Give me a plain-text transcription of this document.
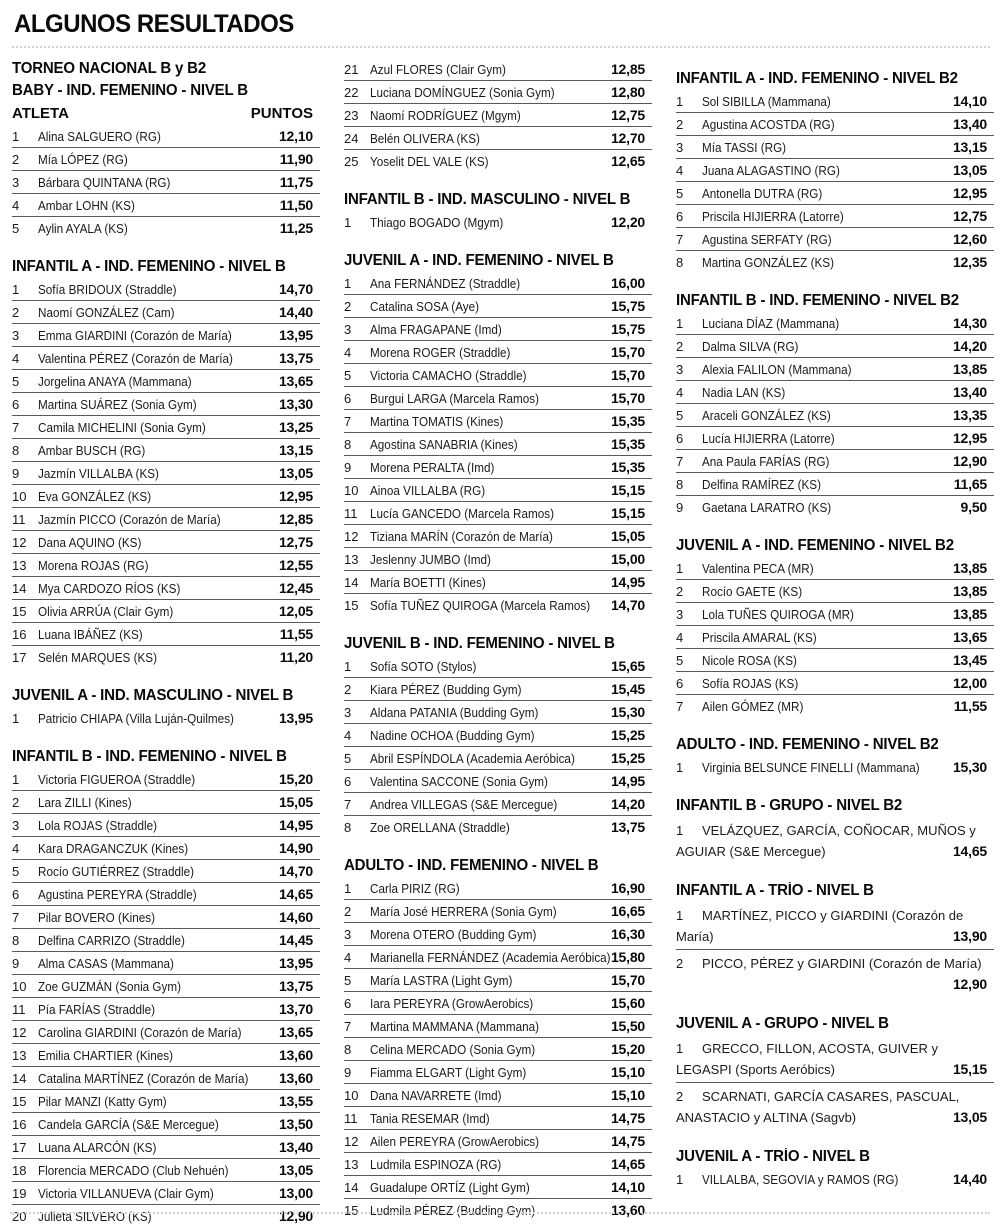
ALGUNOS RESULTADOS
TORNEO NACIONAL B y B2
BABY - IND. FEMENINO - NIVEL B
ATLETA	PUNTOS
1	Alina SALGUERO (RG)	12,10
2	Mía LÓPEZ (RG)	11,90
3	Bárbara QUINTANA (RG)	11,75
4	Ambar LOHN (KS)	11,50
5	Aylin AYALA (KS)	11,25
INFANTIL A - IND. FEMENINO - NIVEL B
1	Sofía BRIDOUX (Straddle)	14,70
2	Naomí GONZÁLEZ (Cam)	14,40
3	Emma GIARDINI (Corazón de María)	13,95
4	Valentina PÉREZ (Corazón de María)	13,75
5	Jorgelina ANAYA (Mammana)	13,65
6	Martina SUÁREZ (Sonia Gym)	13,30
7	Camila MICHELINI (Sonia Gym)	13,25
8	Ambar BUSCH (RG)	13,15
9	Jazmín VILLALBA (KS)	13,05
10 Eva GONZÁLEZ (KS)	12,95
11 Jazmín PICCO (Corazón de María)	12,85
12 Dana AQUINO (KS)	12,75
13 Morena ROJAS (RG)	12,55
14 Mya CARDOZO RÍOS (KS)	12,45
15 Olivia ARRÚA (Clair Gym)	12,05
16 Luana IBÁÑEZ (KS)	11,55
17 Selén MARQUES (KS)	11,20
JUVENIL A - IND. MASCULINO - NIVEL B
1	Patricio CHIAPA (Villa Luján-Quilmes)	13,95
INFANTIL B - IND. FEMENINO - NIVEL B
1	Victoria FIGUEROA (Straddle)	15,20
2	Lara ZILLI (Kines)	15,05
3	Lola ROJAS (Straddle)	14,95
4	Kara DRAGANCZUK (Kines)	14,90
5	Rocío GUTIÉRREZ (Straddle)	14,70
6	Agustina PEREYRA (Straddle)	14,65
7	Pilar BOVERO (Kines)	14,60
8	Delfina CARRIZO (Straddle)	14,45
9	Alma CASAS (Mammana)	13,95
10 Zoe GUZMÁN (Sonia Gym)	13,75
11 Pía FARÍAS (Straddle)	13,70
12 Carolina GIARDINI (Corazón de María)	13,65
13 Emilia CHARTIER (Kines)	13,60
14 Catalina MARTÍNEZ (Corazón de María)	13,60
15 Pilar MANZI (Katty Gym)	13,55
16 Candela GARCÍA (S&E Mercegue)	13,50
17 Luana ALARCÓN (KS)	13,40
18 Florencia MERCADO (Club Nehuén)	13,05
19 Victoria VILLANUEVA (Clair Gym)	13,00
20 Julieta SILVERO (KS)	12,90
21 Azul FLORES (Clair Gym)	12,85
22 Luciana DOMÍNGUEZ (Sonia Gym)	12,80
23 Naomí RODRÍGUEZ (Mgym)	12,75
24 Belén OLIVERA (KS)	12,70
25 Yoselit DEL VALE (KS)	12,65
INFANTIL B - IND. MASCULINO - NIVEL B
1	Thiago BOGADO (Mgym)	12,20
JUVENIL A - IND. FEMENINO - NIVEL B
1	Ana FERNÁNDEZ (Straddle)	16,00
2	Catalina SOSA (Aye)	15,75
3	Alma FRAGAPANE (Imd)	15,75
4	Morena ROGER (Straddle)	15,70
5	Victoria CAMACHO (Straddle)	15,70
6	Burgui LARGA (Marcela Ramos)	15,70
7	Martina TOMATIS (Kines)	15,35
8	Agostina SANABRIA (Kines)	15,35
9	Morena PERALTA (Imd)	15,35
10 Ainoa VILLALBA (RG)	15,15
11 Lucía GANCEDO (Marcela Ramos)	15,15
12 Tiziana MARÍN (Corazón de María)	15,05
13 Jeslenny JUMBO (Imd)	15,00
14 María BOETTI (Kines)	14,95
15 Sofía TUÑEZ QUIROGA (Marcela Ramos)	14,70
JUVENIL B - IND. FEMENINO - NIVEL B
1	Sofía SOTO (Stylos)	15,65
2	Kiara PÉREZ (Budding Gym)	15,45
3	Aldana PATANIA (Budding Gym)	15,30
4	Nadine OCHOA (Budding Gym)	15,25
5	Abril ESPÍNDOLA (Academia Aeróbica)	15,25
6	Valentina SACCONE (Sonia Gym)	14,95
7	Andrea VILLEGAS (S&E Mercegue)	14,20
8	Zoe ORELLANA (Straddle)	13,75
ADULTO - IND. FEMENINO - NIVEL B
1	Carla PIRIZ (RG)	16,90
2	María José HERRERA (Sonia Gym)	16,65
3	Morena OTERO (Budding Gym)	16,30
4	Marianella FERNÁNDEZ (Academia Aeróbica) 15,80
5	María LASTRA (Light Gym)	15,70
6	Iara PEREYRA (GrowAerobics)	15,60
7	Martina MAMMANA (Mammana)	15,50
8	Celina MERCADO (Sonia Gym)	15,20
9	Fiamma ELGART (Light Gym)	15,10
10 Dana NAVARRETE (Imd)	15,10
11 Tania RESEMAR (Imd)	14,75
12 Ailen PEREYRA (GrowAerobics)	14,75
13 Ludmila ESPINOZA (RG)	14,65
14 Guadalupe ORTÍZ (Light Gym)	14,10
15 Ludmila PÉREZ (Budding Gym)	13,60
INFANTIL A - IND. FEMENINO - NIVEL B2
1	Sol SIBILLA (Mammana)	14,10
2	Agustina ACOSTDA (RG)	13,40
3	Mía TASSI (RG)	13,15
4	Juana ALAGASTINO (RG)	13,05
5	Antonella DUTRA (RG)	12,95
6	Priscila HIJIERRA (Latorre)	12,75
7	Agustina SERFATY (RG)	12,60
8	Martina GONZÁLEZ (KS)	12,35
INFANTIL B - IND. FEMENINO - NIVEL B2
1	Luciana DÍAZ (Mammana)	14,30
2	Dalma SILVA (RG)	14,20
3	Alexia FALILON (Mammana)	13,85
4	Nadia LAN (KS)	13,40
5	Araceli GONZÁLEZ (KS)	13,35
6	Lucía HIJIERRA (Latorre)	12,95
7	Ana Paula FARÍAS (RG)	12,90
8	Delfina RAMÍREZ (KS)	11,65
9	Gaetana LARATRO (KS)	9,50
JUVENIL A - IND. FEMENINO - NIVEL B2
1	Valentina PECA (MR)	13,85
2	Rocío GAETE (KS)	13,85
3	Lola TUÑES QUIROGA (MR)	13,85
4	Priscila AMARAL (KS)	13,65
5	Nicole ROSA (KS)	13,45
6	Sofía ROJAS (KS)	12,00
7	Ailen GÓMEZ (MR)	11,55
ADULTO - IND. FEMENINO - NIVEL B2
1	Virginia BELSUNCE FINELLI (Mammana)	15,30
INFANTIL B - GRUPO - NIVEL B2
1 VELÁZQUEZ, GARCÍA, COÑOCAR, MUÑOS y AGUIAR (S&E Mercegue)	14,65
INFANTIL A - TRÍO - NIVEL B
1 MARTÍNEZ, PICCO y GIARDINI (Corazón de María)	13,90
2 PICCO, PÉREZ y GIARDINI (Corazón de María)
12,90
JUVENIL A - GRUPO - NIVEL B
1 GRECCO, FILLON, ACOSTA, GUIVER y LEGASPI (Sports Aeróbics)	15,15
2 SCARNATI, GARCÍA CASARES, PASCUAL, ANASTACIO y ALTINA (Sagvb)	13,05
JUVENIL A - TRÍO - NIVEL B
1	VILLALBA, SEGOVIA y RAMOS (RG)	14,40
